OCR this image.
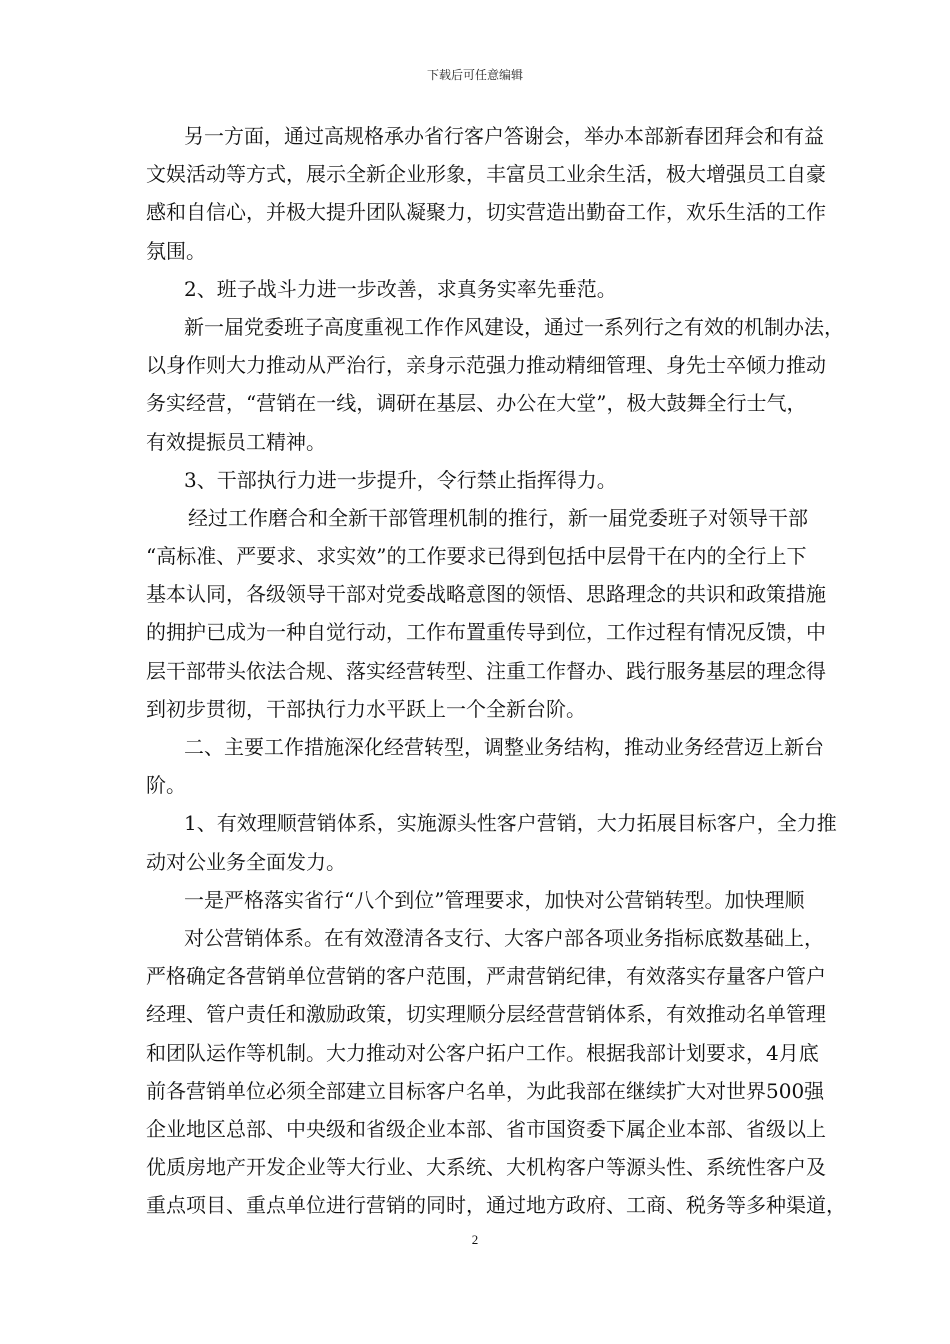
下载后可任意编辑
另一方面，通过高规格承办省行客户答谢会，举办本部新春团拜会和有益
文娱活动等方式，展示全新企业形象，丰富员工业余生活，极大增强员工自豪
感和自信心，并极大提升团队凝聚力，切实营造出勤奋工作，欢乐生活的工作
氛围。
2、班子战斗力进一步改善，求真务实率先垂范。
新一届党委班子高度重视工作作风建设，通过一系列行之有效的机制办法，
以身作则大力推动从严治行，亲身示范强力推动精细管理、身先士卒倾力推动
务实经营，“营销在一线，调研在基层、办公在大堂”，极大鼓舞全行士气，
有效提振员工精神。
3、干部执行力进一步提升，令行禁止指挥得力。
经过工作磨合和全新干部管理机制的推行，新一届党委班子对领导干部
“高标准、严要求、求实效”的工作要求已得到包括中层骨干在内的全行上下
基本认同，各级领导干部对党委战略意图的领悟、思路理念的共识和政策措施
的拥护已成为一种自觉行动，工作布置重传导到位，工作过程有情况反馈，中
层干部带头依法合规、落实经营转型、注重工作督办、践行服务基层的理念得
到初步贯彻，干部执行力水平跃上一个全新台阶。
二、主要工作措施深化经营转型，调整业务结构，推动业务经营迈上新台
阶。
1、有效理顺营销体系，实施源头性客户营销，大力拓展目标客户，全力推
动对公业务全面发力。
一是严格落实省行“八个到位”管理要求，加快对公营销转型。加快理顺
对公营销体系。在有效澄清各支行、大客户部各项业务指标底数基础上，
严格确定各营销单位营销的客户范围，严肃营销纪律，有效落实存量客户管户
经理、管户责任和激励政策，切实理顺分层经营营销体系，有效推动名单管理
和团队运作等机制。大力推动对公客户拓户工作。根据我部计划要求，4月底
前各营销单位必须全部建立目标客户名单，为此我部在继续扩大对世界500强
企业地区总部、中央级和省级企业本部、省市国资委下属企业本部、省级以上
优质房地产开发企业等大行业、大系统、大机构客户等源头性、系统性客户及
重点项目、重点单位进行营销的同时，通过地方政府、工商、税务等多种渠道，
2
